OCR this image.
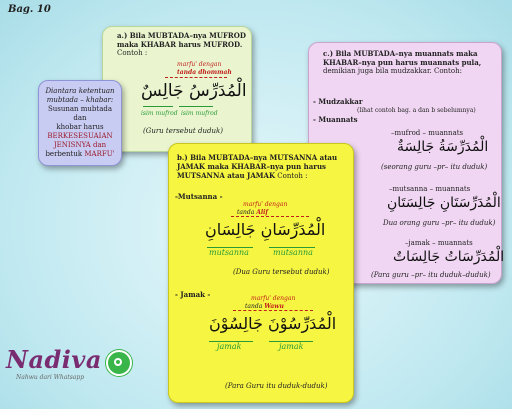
Bag. 10
a.) Bila MUBTADA–nya MUFROD
maka KHABAR harus MUFROD.
Contoh :
marfu' dengan
tanda dhommah
الْمُدَرِّسُ جَالِسٌ
isim mufrod isim mufrod
(Guru tersebut duduk)
Diantara ketentuan
mubtada – khabar:
Susunan mubtada dan
khobar harus
BERKESESUAIAN
JENISNYA dan
berbentuk MARFU'
c.) Bila MUBTADA–nya muannats maka
KHABAR–nya pun harus muannats pula,
demikian juga bila mudzakkar. Contoh:
- Mudzakkar
(lihat contoh bag. a dan b sebelumnya)
- Muannats
–mufrod – muannats
الْمُدَرِّسَةُ جَالِسَةٌ
(seorang guru –pr– itu duduk)
–mutsanna – muannats
الْمُدَرِّسَتَانِ جَالِسَتَانِ
Dua orang guru –pr– itu duduk)
–jamak – muannats
الْمُدَرِّسَاتُ جَالِسَاتٌ
(Para guru –pr– itu duduk–duduk)
b.) Bila MUBTADA–nya MUTSANNA atau
JAMAK maka KHABAR–nya pun harus
MUTSANNA atau JAMAK Contoh :
-Mutsanna -
marfu' dengan
tanda Alif
الْمُدَرِّسَانِ جَالِسَانِ
mutsanna	mutsanna
(Dua Guru tersebut duduk)
- Jamak -	marfu' dengan
tanda Wawu
الْمُدَرِّسُوْنَ جَالِسُوْنَ
jamak	jamak
(Para Guru itu duduk-duduk)
Nadiva
Nahwu dari Whatsapp
